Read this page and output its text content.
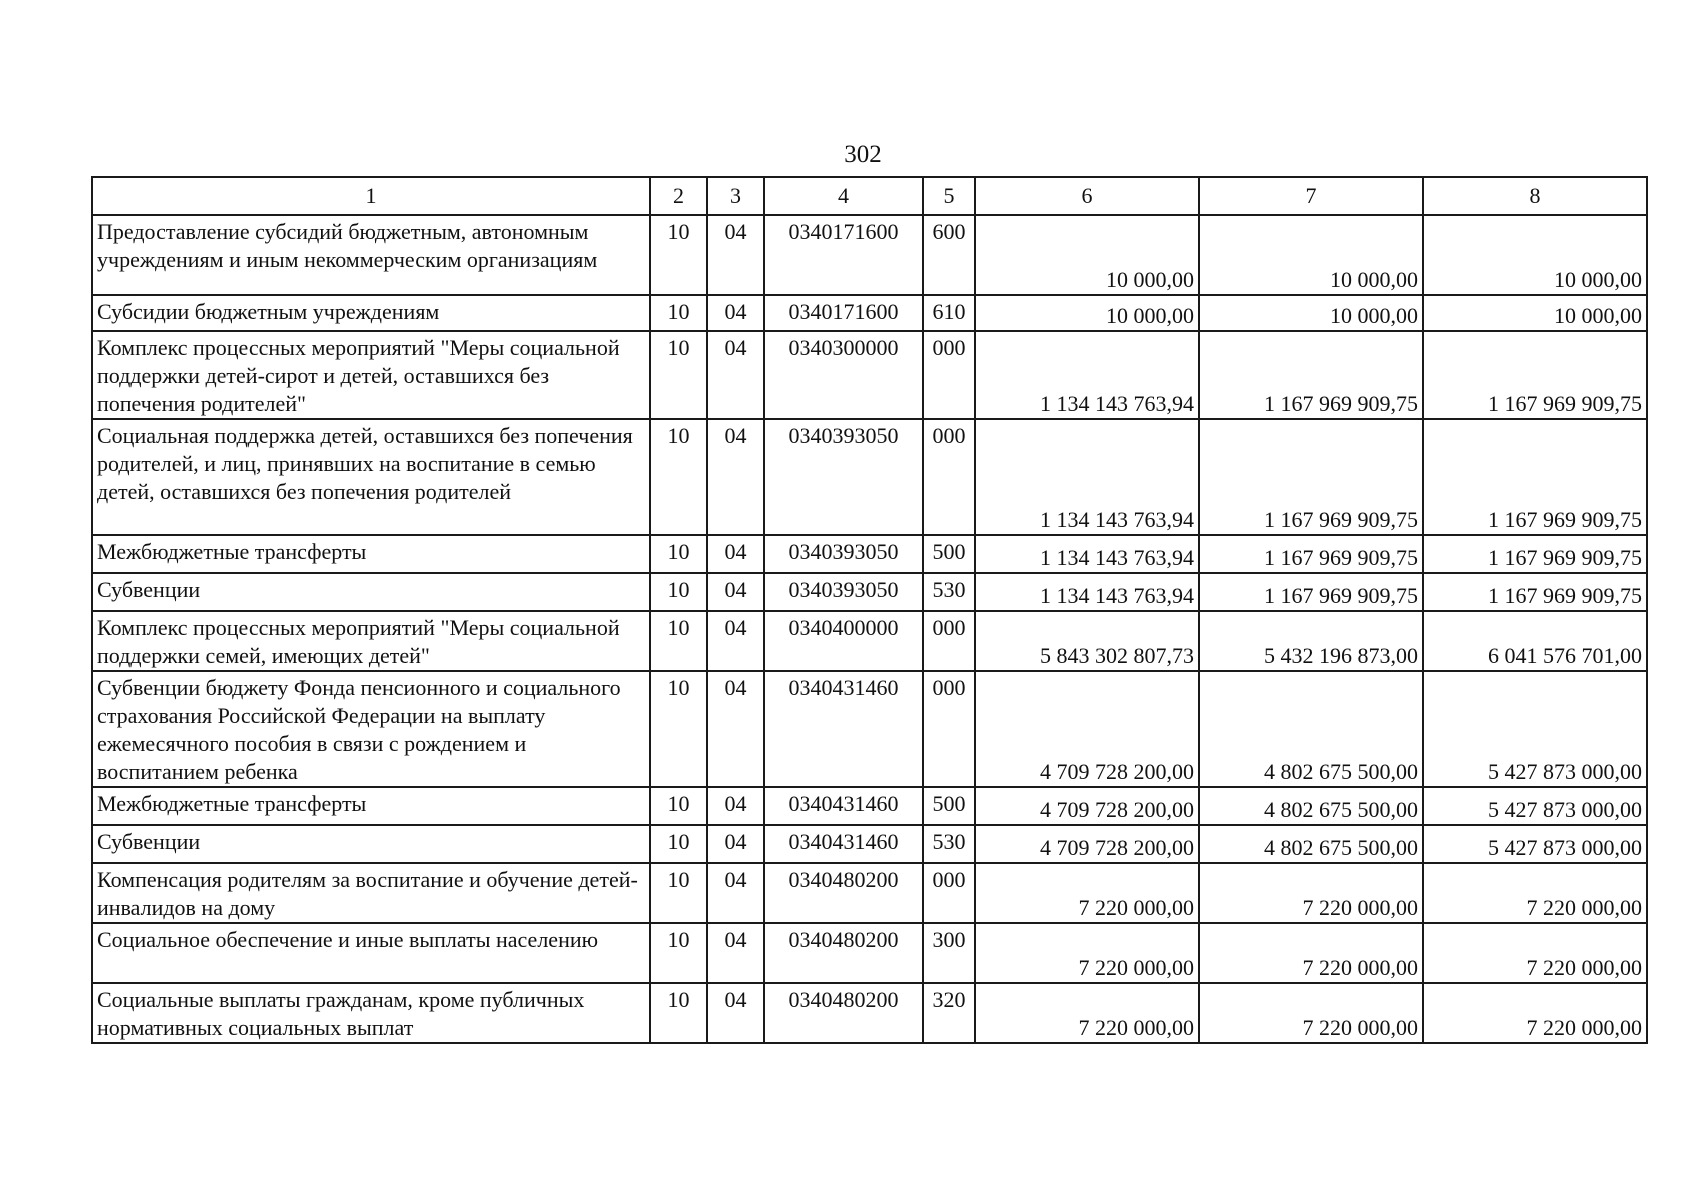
302
1	2	3	4	5	6	7	8
Предоставление субсидий бюджетным, автономным учреждениям и иным некоммерческим организациям	10	04	0340171600	600	10 000,00	10 000,00	10 000,00
Субсидии бюджетным учреждениям	10	04	0340171600	610	10 000,00	10 000,00	10 000,00
Комплекс процессных мероприятий "Меры социальной поддержки детей-сирот и детей, оставшихся без попечения родителей"	10	04	0340300000	000	1 134 143 763,94	1 167 969 909,75	1 167 969 909,75
Социальная поддержка детей, оставшихся без попечения родителей, и лиц, принявших на воспитание в семью детей, оставшихся без попечения родителей	10	04	0340393050	000	1 134 143 763,94	1 167 969 909,75	1 167 969 909,75
Межбюджетные трансферты	10	04	0340393050	500	1 134 143 763,94	1 167 969 909,75	1 167 969 909,75
Субвенции	10	04	0340393050	530	1 134 143 763,94	1 167 969 909,75	1 167 969 909,75
Комплекс процессных мероприятий "Меры социальной поддержки семей, имеющих детей"	10	04	0340400000	000	5 843 302 807,73	5 432 196 873,00	6 041 576 701,00
Субвенции бюджету Фонда пенсионного и социального страхования Российской Федерации на выплату ежемесячного пособия в связи с рождением и воспитанием ребенка	10	04	0340431460	000	4 709 728 200,00	4 802 675 500,00	5 427 873 000,00
Межбюджетные трансферты	10	04	0340431460	500	4 709 728 200,00	4 802 675 500,00	5 427 873 000,00
Субвенции	10	04	0340431460	530	4 709 728 200,00	4 802 675 500,00	5 427 873 000,00
Компенсация родителям за воспитание и обучение детей-инвалидов на дому	10	04	0340480200	000	7 220 000,00	7 220 000,00	7 220 000,00
Социальное обеспечение и иные выплаты населению	10	04	0340480200	300	7 220 000,00	7 220 000,00	7 220 000,00
Социальные выплаты гражданам, кроме публичных нормативных социальных выплат	10	04	0340480200	320	7 220 000,00	7 220 000,00	7 220 000,00
